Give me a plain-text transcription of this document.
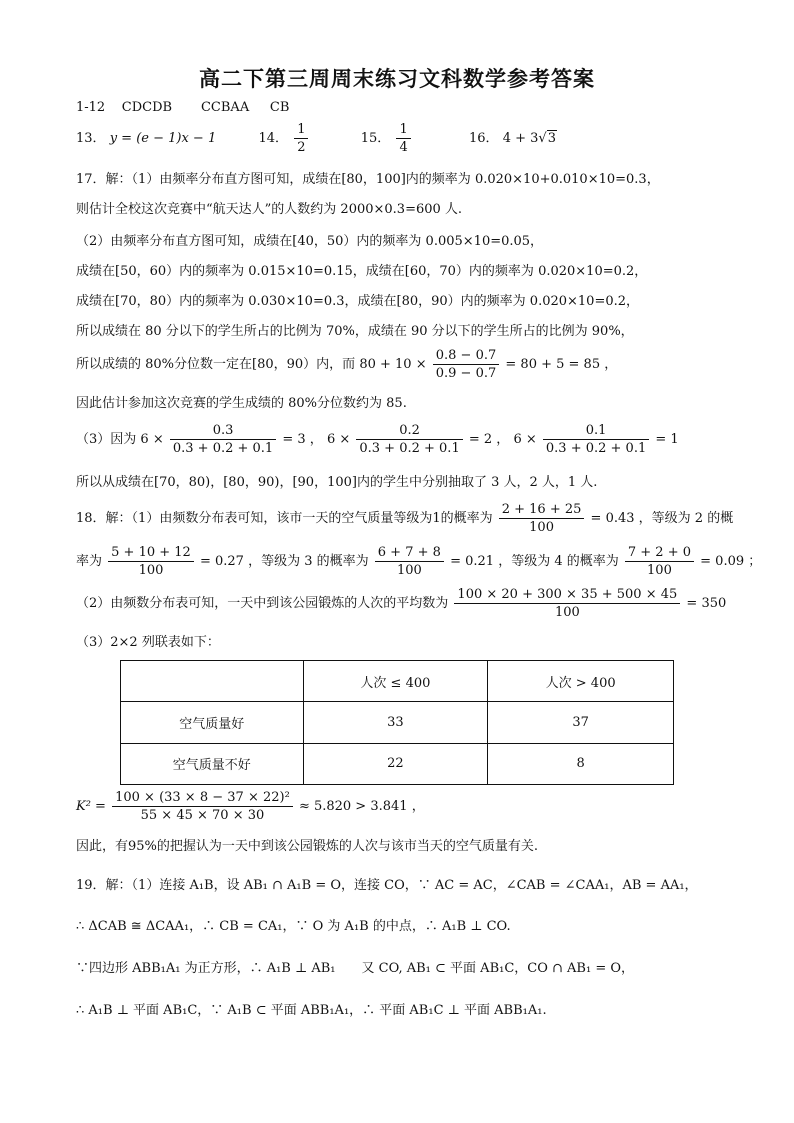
高二下第三周周末练习文科数学参考答案
1-12 CDCDB CCBAA CB
13． y = (e − 1)x − 1	14． $\frac{1}{2}$	15． $\frac{1}{4}$	16． 4 + 3√3
17．解：（1）由频率分布直方图可知，成绩在[80，100]内的频率为 0.020×10+0.010×10=0.3，
则估计全校这次竞赛中“航天达人”的人数约为 2000×0.3=600 人.
（2）由频率分布直方图可知，成绩在[40，50）内的频率为 0.005×10=0.05，
成绩在[50，60）内的频率为 0.015×10=0.15，成绩在[60，70）内的频率为 0.020×10=0.2，
成绩在[70，80）内的频率为 0.030×10=0.3，成绩在[80，90）内的频率为 0.020×10=0.2，
所以成绩在 80 分以下的学生所占的比例为 70%，成绩在 90 分以下的学生所占的比例为 90%，
所以成绩的 80%分位数一定在[80，90）内，而 $80 + 10 \times \frac{0.8 - 0.7}{0.9 - 0.7} = 80 + 5 = 85$ ，
因此估计参加这次竞赛的学生成绩的 80%分位数约为 85.
（3）因为 $6 \times \frac{0.3}{0.3 + 0.2 + 0.1} = 3$ ， $6 \times \frac{0.2}{0.3 + 0.2 + 0.1} = 2$ ， $6 \times \frac{0.1}{0.3 + 0.2 + 0.1} = 1$
所以从成绩在[70，80)，[80，90)，[90，100]内的学生中分别抽取了 3 人，2 人，1 人.
18．解：（1）由频数分布表可知，该市一天的空气质量等级为1的概率为 $\frac{2 + 16 + 25}{100} = 0.43$ ，等级为 2 的概
率为 $\frac{5 + 10 + 12}{100} = 0.27$ ，等级为 3 的概率为 $\frac{6 + 7 + 8}{100} = 0.21$ ，等级为 4 的概率为 $\frac{7 + 2 + 0}{100} = 0.09$ ；
（2）由频数分布表可知，一天中到该公园锻炼的人次的平均数为 $\frac{100 \times 20 + 300 \times 35 + 500 \times 45}{100} = 350$
（3）2×2 列联表如下：
	人次 ≤ 400	人次 > 400
空气质量好	33	37
空气质量不好	22	8
$K^2 = \frac{\text{100 × (33 × 8 − 37 × 22)²}}{55 \times 45 \times 70 \times 30} \approx 5.820 > 3.841$ ，
因此，有95%的把握认为一天中到该公园锻炼的人次与该市当天的空气质量有关.
19．解：（1）连接 A₁B，设 AB₁ ∩ A₁B = O，连接 CO，∵ AC = AC，∠CAB = ∠CAA₁，AB = AA₁，
∴ ΔCAB ≅ ΔCAA₁，∴ CB = CA₁，∵ O 为 A₁B 的中点，∴ A₁B ⊥ CO.
∵四边形 ABB₁A₁ 为正方形，∴ A₁B ⊥ AB₁　　又 CO, AB₁ ⊂ 平面 AB₁C，CO ∩ AB₁ = O，
∴ A₁B ⊥ 平面 AB₁C，∵ A₁B ⊂ 平面 ABB₁A₁，∴ 平面 AB₁C ⊥ 平面 ABB₁A₁.
